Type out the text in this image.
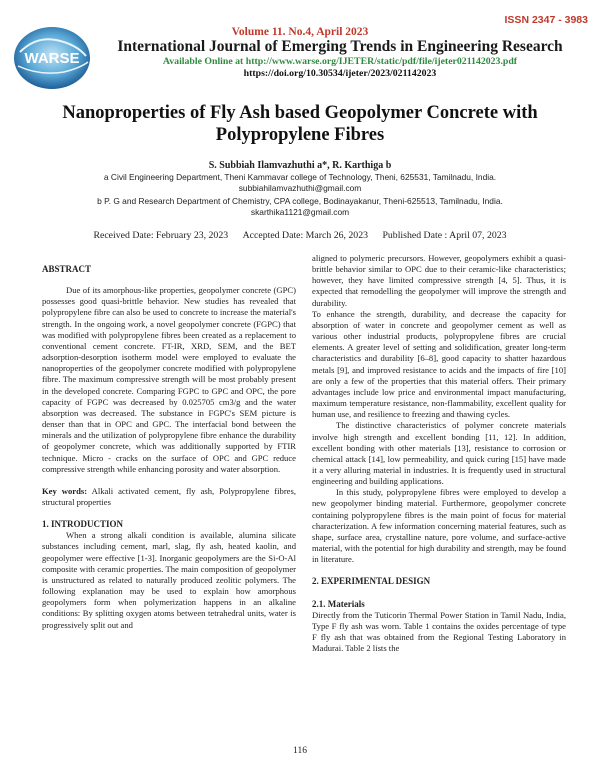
WARSE
ISSN 2347 - 3983
Volume 11. No.4, April 2023
International Journal of Emerging Trends in Engineering Research
Available Online at http://www.warse.org/IJETER/static/pdf/file/ijeter021142023.pdf
https://doi.org/10.30534/ijeter/2023/021142023
Nanoproperties of Fly Ash based Geopolymer Concrete with Polypropylene Fibres
S. Subbiah Ilamvazhuthi a*, R. Karthiga b
a Civil Engineering Department, Theni Kammavar college of Technology, Theni, 625531, Tamilnadu, India.
subbiahilamvazhuthi@gmail.com
b P. G and Research Department of Chemistry, CPA college, Bodinayakanur, Theni-625513, Tamilnadu, India.
skarthika1121@gmail.com
Received Date: February 23, 2023 Accepted Date: March 26, 2023 Published Date : April 07, 2023
ABSTRACT

Due of its amorphous-like properties, geopolymer concrete (GPC) possesses good quasi-brittle behavior. New studies has revealed that polypropylene fibre can also be used to concrete to increase the material's strength. In the ongoing work, a novel geopolymer concrete (FGPC) that was modified with polypropylene fibres been created as a replacement to conventional cement concrete. FT-IR, XRD, SEM, and the BET adsorption-desorption isotherm model were employed to evaluate the nanoproperties of the geopolymer concrete modified with polypropylene fibre. The maximum compressive strength will be most probably present in the developed concrete. Comparing FGPC to GPC and OPC, the pore capacity of FGPC was decreased by 0.025705 cm3/g and the water absorption was decreased. The substance in FGPC's SEM picture is denser than that in OPC and GPC. The interfacial bond between the minerals and the utilization of polypropylene fibre enhance the durability of geopolymer concrete, which was additionally supported by FTIR technique. Micro - cracks on the surface of OPC and GPC reduce compressive strength while enhancing porosity and water absorption.

Key words: Alkali activated cement, fly ash, Polypropylene fibres, structural properties

1. INTRODUCTION

When a strong alkali condition is available, alumina silicate substances including cement, marl, slag, fly ash, heated kaolin, and geopolymer were effective [1-3]. Inorganic geopolymers are the Si-O-Al composite with ceramic properties. The main composition of geopolymer is unstructured as related to naturally produced zeolitic polymers. The following explanation may be used to explain how amorphous geopolymers form when polymerization happens in an alkaline conditions: By splitting oxygen atoms between tetrahedral units, water is progressively split out and

aligned to polymeric precursors. However, geopolymers exhibit a quasi-brittle behavior similar to OPC due to their ceramic-like characteristics; however, they have limited compressive strength [4, 5]. Thus, it is expected that remodelling the geopolymer will improve the strength and durability.

To enhance the strength, durability, and decrease the capacity for absorption of water in concrete and geopolymer cement as well as various other industrial products, polypropylene fibres are crucial elements. A greater level of setting and solidification, greater long-term characteristics and durability [6–8], good capacity to shatter hazardous metals [9], and improved resistance to acids and the impacts of fire [10] are only a few of the properties that this material offers. Their primary advantages include low price and environmental impact manufacturing, maximum temperature resistance, non-flammability, excellent quality for human use, and resilience to freezing and thawing cycles.

The distinctive characteristics of polymer concrete materials involve high strength and excellent bonding [11, 12]. In addition, excellent bonding with other materials [13], resistance to corrosion or chemical attack [14], low permeability, and quick curing [15] have made it a very alluring material in industries. It is frequently used in structural engineering and building applications.

In this study, polypropylene fibres were employed to develop a new geopolymer binding material. Furthermore, geopolymer concrete containing polypropylene fibres is the main point of focus for material characterization. A few information concerning material features, such as shape, surface area, crystalline nature, pore volume, and surface-active material, with the potential for high durability and strength, may be found in literature.

2. EXPERIMENTAL DESIGN
2.1. Materials

Directly from the Tuticorin Thermal Power Station in Tamil Nadu, India, Type F fly ash was worn. Table 1 contains the oxides percentage of type F fly ash that was obtained from the Regional Testing Laboratory in Madurai. Table 2 lists the

116
